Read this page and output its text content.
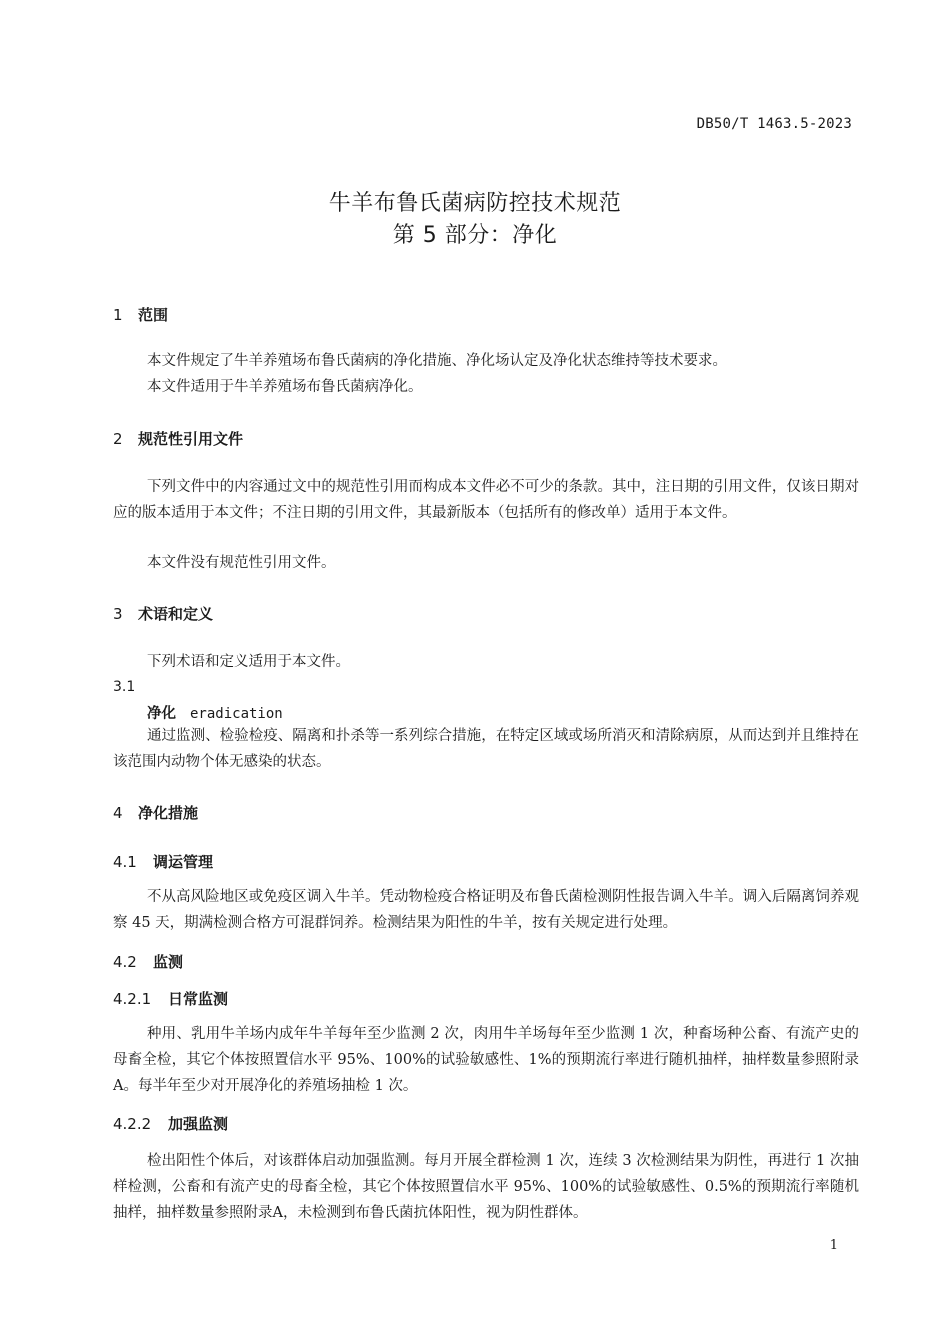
DB50/T 1463.5-2023
牛羊布鲁氏菌病防控技术规范
第 5 部分：净化
1 范围
本文件规定了牛羊养殖场布鲁氏菌病的净化措施、净化场认定及净化状态维持等技术要求。
本文件适用于牛羊养殖场布鲁氏菌病净化。
2 规范性引用文件
下列文件中的内容通过文中的规范性引用而构成本文件必不可少的条款。其中，注日期的引用文件，仅该日期对应的版本适用于本文件；不注日期的引用文件，其最新版本（包括所有的修改单）适用于本文件。
本文件没有规范性引用文件。
3 术语和定义
下列术语和定义适用于本文件。
3.1
净化 eradication
通过监测、检验检疫、隔离和扑杀等一系列综合措施，在特定区域或场所消灭和清除病原，从而达到并且维持在该范围内动物个体无感染的状态。
4 净化措施
4.1 调运管理
不从高风险地区或免疫区调入牛羊。凭动物检疫合格证明及布鲁氏菌检测阴性报告调入牛羊。调入后隔离饲养观察 45 天，期满检测合格方可混群饲养。检测结果为阳性的牛羊，按有关规定进行处理。
4.2 监测
4.2.1 日常监测
种用、乳用牛羊场内成年牛羊每年至少监测 2 次，肉用牛羊场每年至少监测 1 次，种畜场种公畜、有流产史的母畜全检，其它个体按照置信水平 95%、100%的试验敏感性、1%的预期流行率进行随机抽样，抽样数量参照附录A。每半年至少对开展净化的养殖场抽检 1 次。
4.2.2 加强监测
检出阳性个体后，对该群体启动加强监测。每月开展全群检测 1 次，连续 3 次检测结果为阴性，再进行 1 次抽样检测，公畜和有流产史的母畜全检，其它个体按照置信水平 95%、100%的试验敏感性、0.5%的预期流行率随机抽样，抽样数量参照附录A，未检测到布鲁氏菌抗体阳性，视为阴性群体。
1
